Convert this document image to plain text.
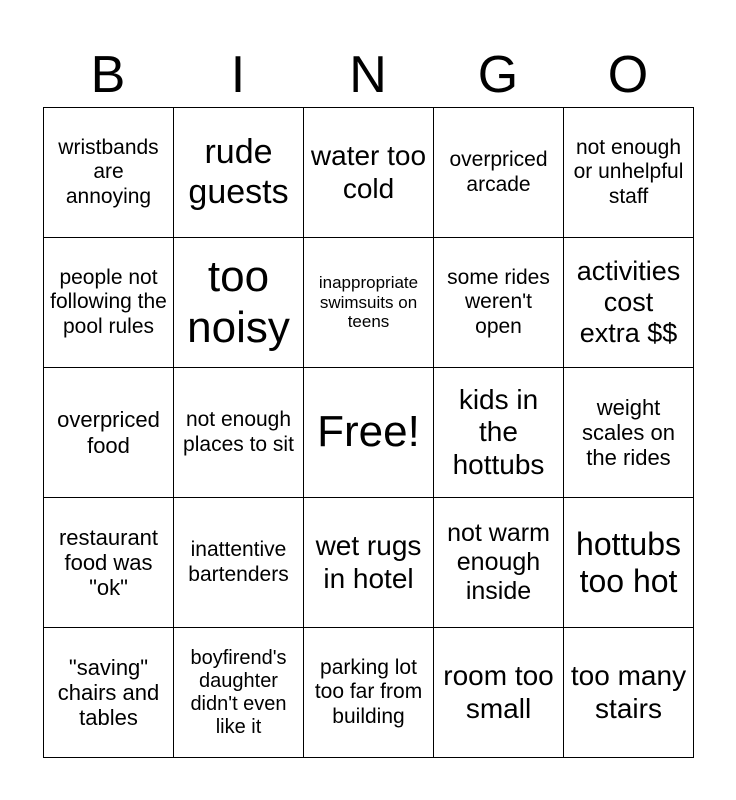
B	I	N	G	O
wristbands are annoying	rude guests	water too cold	overpriced arcade	not enough or unhelpful staff
people not following the pool rules	too noisy	inappropriate swimsuits on teens	some rides weren't open	activities cost extra $$
overpriced food	not enough places to sit	Free!	kids in the hottubs	weight scales on the rides
restaurant food was "ok"	inattentive bartenders	wet rugs in hotel	not warm enough inside	hottubs too hot
"saving" chairs and tables	boyfirend's daughter didn't even like it	parking lot too far from building	room too small	too many stairs
